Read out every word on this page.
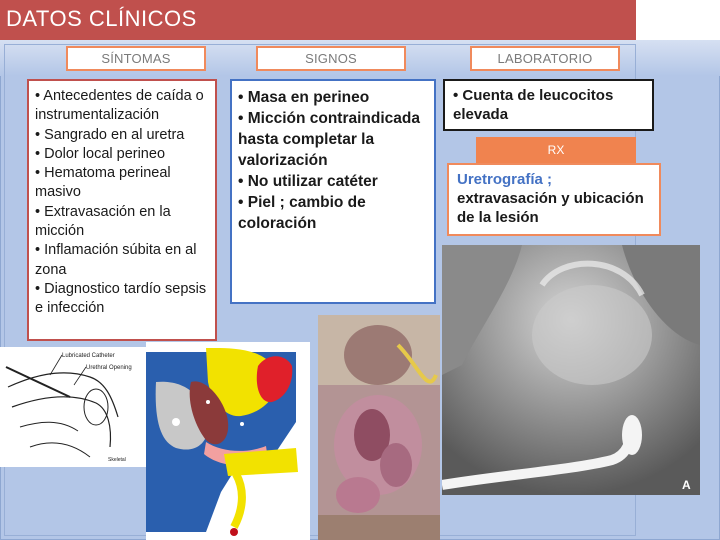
DATOS CLÍNICOS
SÍNTOMAS	SIGNOS	LABORATORIO
• Antecedentes de caída o instrumentalización
• Sangrado en al uretra
• Dolor local perineo
• Hematoma perineal masivo
• Extravasación en la micción
• Inflamación súbita en al zona
• Diagnostico tardío sepsis e infección
• Masa en perineo
• Micción contraindicada hasta completar la valorización
• No utilizar catéter
• Piel ; cambio de coloración
• Cuenta de leucocitos elevada
RX
Uretrografía ; extravasación y ubicación de la lesión
Lubricated Catheter
Urethral Opening
Skeletal
A
